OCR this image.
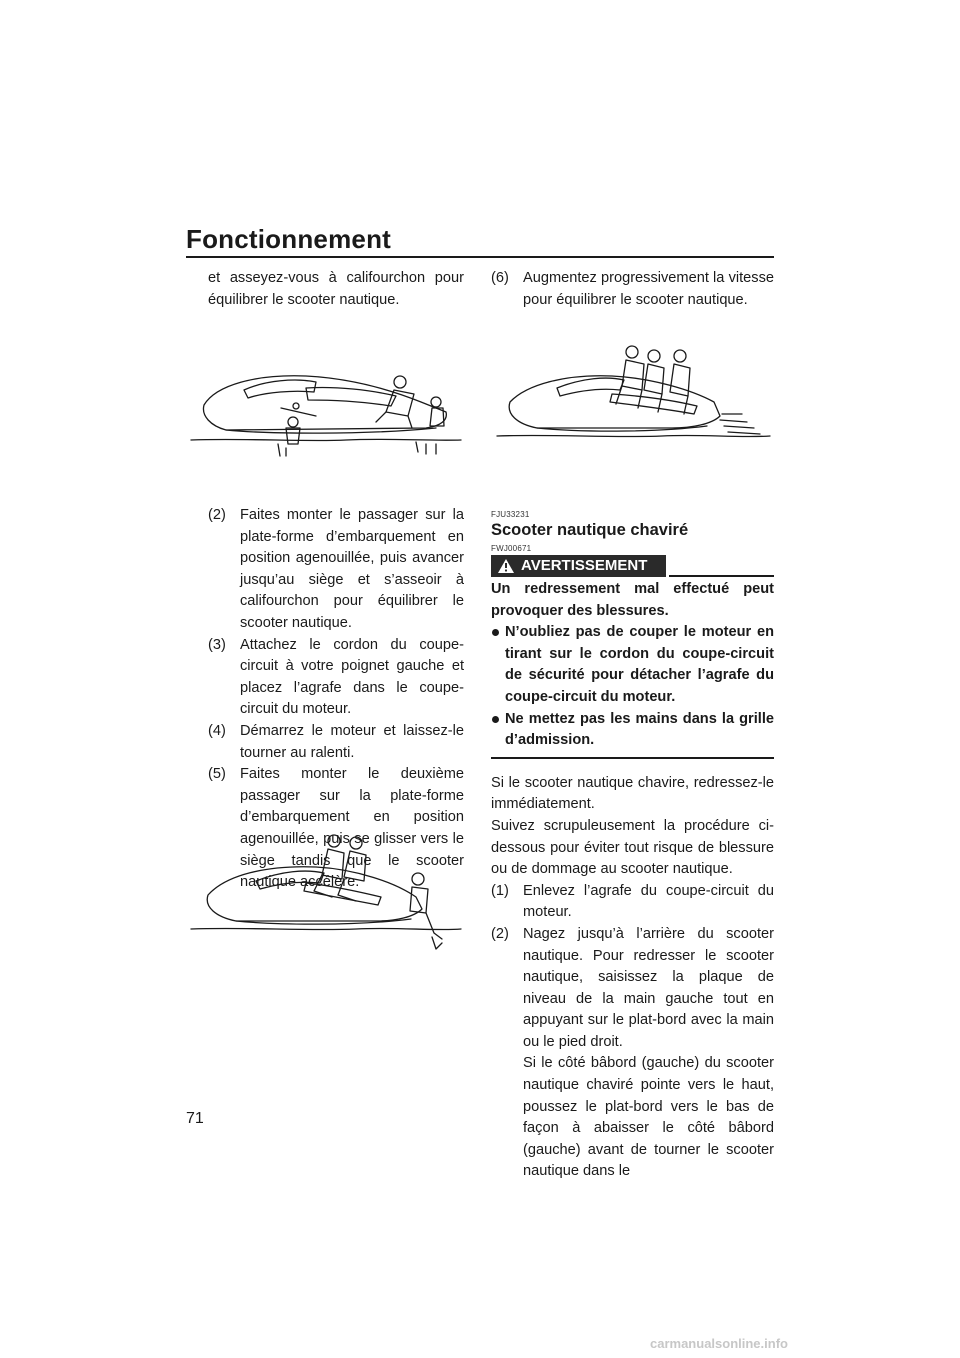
Fonctionnement

et asseyez-vous à califourchon pour

équilibrer le scooter nautique.

(2) Faites monter le passager sur la plate-forme d’embarquement en position agenouillée, puis avancer jusqu’au siège et s’asseoir à califourchon pour équilibrer le scooter nautique.
(3) Attachez le cordon du coupe-circuit à votre poignet gauche et placez l’agrafe dans le coupe-circuit du moteur.
(4) Démarrez le moteur et laissez-le tourner au ralenti.
(5) Faites monter le deuxième passager sur la plate-forme d’embarquement en position agenouillée, puis se glisser vers le siège tandis que le scooter nautique accélère.
(6) Augmentez progressivement la vitesse pour équilibrer le scooter nautique.
FJU33231
Scooter nautique chaviré
FWJ00671
AVERTISSEMENT

Un redressement mal effectué peut provoquer des blessures.

N’oubliez pas de couper le moteur en tirant sur le cordon du coupe-circuit de sécurité pour détacher l’agrafe du coupe-circuit du moteur.
Ne mettez pas les mains dans la grille d’admission.

Si le scooter nautique chavire, redressez-le immédiatement.

Suivez scrupuleusement la procédure ci-dessous pour éviter tout risque de blessure ou de dommage au scooter nautique.

(1) Enlevez l’agrafe du coupe-circuit du moteur.
(2) Nagez jusqu’à l’arrière du scooter nautique. Pour redresser le scooter nautique, saisissez la plaque de niveau de la main gauche tout en appuyant sur le plat-bord avec la main ou le pied droit.
Si le côté bâbord (gauche) du scooter nautique chaviré pointe vers le haut, poussez le plat-bord vers le bas de façon à abaisser le côté bâbord (gauche) avant de tourner le scooter nautique dans le
71
carmanualsonline.info
